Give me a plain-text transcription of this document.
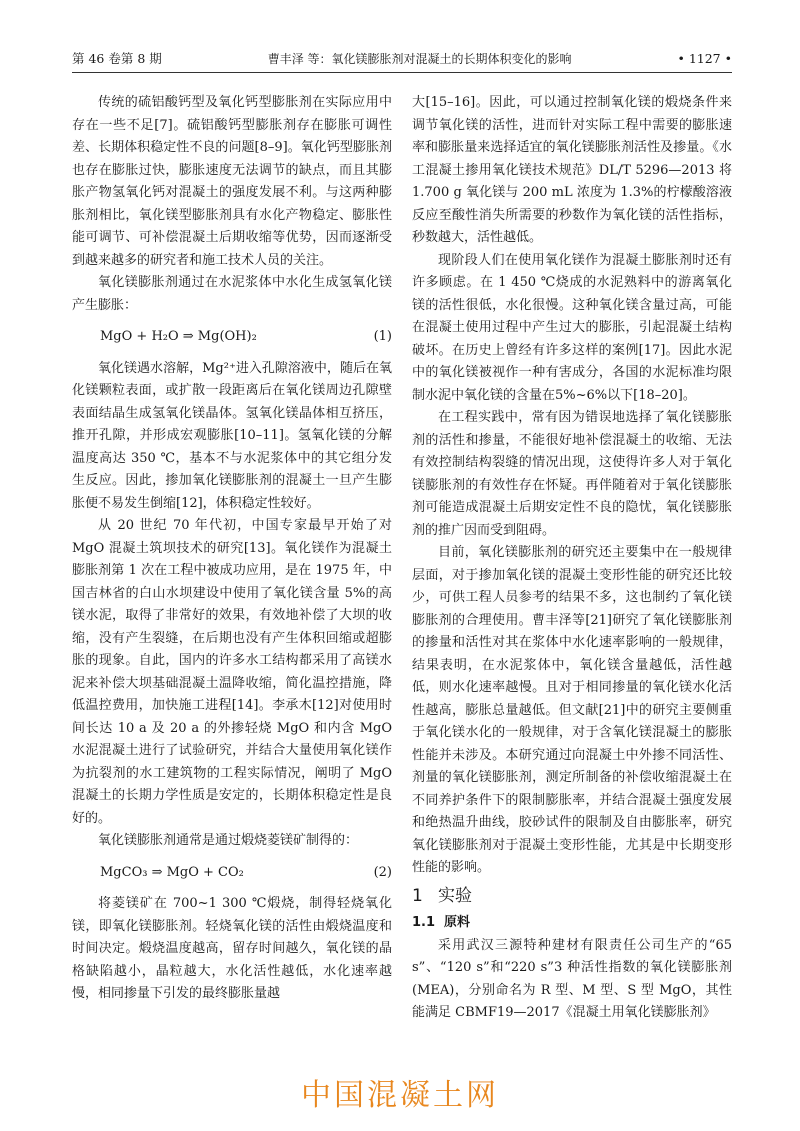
第 46 卷第 8 期	曹丰泽 等：氧化镁膨胀剂对混凝土的长期体积变化的影响	• 1127 •

传统的硫铝酸钙型及氧化钙型膨胀剂在实际应用中存在一些不足[7]。硫铝酸钙型膨胀剂存在膨胀可调性差、长期体积稳定性不良的问题[8–9]。氧化钙型膨胀剂也存在膨胀过快，膨胀速度无法调节的缺点，而且其膨胀产物氢氧化钙对混凝土的强度发展不利。与这两种膨胀剂相比，氧化镁型膨胀剂具有水化产物稳定、膨胀性能可调节、可补偿混凝土后期收缩等优势，因而逐渐受到越来越多的研究者和施工技术人员的关注。

氧化镁膨胀剂通过在水泥浆体中水化生成氢氧化镁产生膨胀：

MgO + H₂O ⇒ Mg(OH)₂	(1)

氧化镁遇水溶解，Mg²⁺进入孔隙溶液中，随后在氧化镁颗粒表面，或扩散一段距离后在氧化镁周边孔隙壁表面结晶生成氢氧化镁晶体。氢氧化镁晶体相互挤压，推开孔隙，并形成宏观膨胀[10–11]。氢氧化镁的分解温度高达 350 ℃，基本不与水泥浆体中的其它组分发生反应。因此，掺加氧化镁膨胀剂的混凝土一旦产生膨胀便不易发生倒缩[12]，体积稳定性较好。

从 20 世纪 70 年代初，中国专家最早开始了对 MgO 混凝土筑坝技术的研究[13]。氧化镁作为混凝土膨胀剂第 1 次在工程中被成功应用，是在 1975 年，中国吉林省的白山水坝建设中使用了氧化镁含量 5%的高镁水泥，取得了非常好的效果，有效地补偿了大坝的收缩，没有产生裂缝，在后期也没有产生体积回缩或超膨胀的现象。自此，国内的许多水工结构都采用了高镁水泥来补偿大坝基础混凝土温降收缩，简化温控措施，降低温控费用，加快施工进程[14]。李承木[12]对使用时间长达 10 a 及 20 a 的外掺轻烧 MgO 和内含 MgO 水泥混凝土进行了试验研究，并结合大量使用氧化镁作为抗裂剂的水工建筑物的工程实际情况，阐明了 MgO 混凝土的长期力学性质是安定的，长期体积稳定性是良好的。

氧化镁膨胀剂通常是通过煅烧菱镁矿制得的：

MgCO₃ ⇒ MgO + CO₂	(2)

将菱镁矿在 700~1 300 ℃煅烧，制得轻烧氧化镁，即氧化镁膨胀剂。轻烧氧化镁的活性由煅烧温度和时间决定。煅烧温度越高，留存时间越久，氧化镁的晶格缺陷越小，晶粒越大，水化活性越低，水化速率越慢，相同掺量下引发的最终膨胀量越

大[15–16]。因此，可以通过控制氧化镁的煅烧条件来调节氧化镁的活性，进而针对实际工程中需要的膨胀速率和膨胀量来选择适宜的氧化镁膨胀剂活性及掺量。《水工混凝土掺用氧化镁技术规范》DL/T 5296—2013 将 1.700 g 氧化镁与 200 mL 浓度为 1.3%的柠檬酸溶液反应至酸性消失所需要的秒数作为氧化镁的活性指标，秒数越大，活性越低。

现阶段人们在使用氧化镁作为混凝土膨胀剂时还有许多顾虑。在 1 450 ℃烧成的水泥熟料中的游离氧化镁的活性很低，水化很慢。这种氧化镁含量过高，可能在混凝土使用过程中产生过大的膨胀，引起混凝土结构破坏。在历史上曾经有许多这样的案例[17]。因此水泥中的氧化镁被视作一种有害成分，各国的水泥标准均限制水泥中氧化镁的含量在5%~6%以下[18–20]。

在工程实践中，常有因为错误地选择了氧化镁膨胀剂的活性和掺量，不能很好地补偿混凝土的收缩、无法有效控制结构裂缝的情况出现，这使得许多人对于氧化镁膨胀剂的有效性存在怀疑。再伴随着对于氧化镁膨胀剂可能造成混凝土后期安定性不良的隐忧，氧化镁膨胀剂的推广因而受到阻碍。

目前，氧化镁膨胀剂的研究还主要集中在一般规律层面，对于掺加氧化镁的混凝土变形性能的研究还比较少，可供工程人员参考的结果不多，这也制约了氧化镁膨胀剂的合理使用。曹丰泽等[21]研究了氧化镁膨胀剂的掺量和活性对其在浆体中水化速率影响的一般规律，结果表明，在水泥浆体中，氧化镁含量越低，活性越低，则水化速率越慢。且对于相同掺量的氧化镁水化活性越高，膨胀总量越低。但文献[21]中的研究主要侧重于氧化镁水化的一般规律，对于含氧化镁混凝土的膨胀性能并未涉及。本研究通过向混凝土中外掺不同活性、剂量的氧化镁膨胀剂，测定所制备的补偿收缩混凝土在不同养护条件下的限制膨胀率，并结合混凝土强度发展和绝热温升曲线，胶砂试件的限制及自由膨胀率，研究氧化镁膨胀剂对于混凝土变形性能，尤其是中长期变形性能的影响。

1 实验
1.1 原料

采用武汉三源特种建材有限责任公司生产的“65 s”、“120 s”和“220 s”3 种活性指数的氧化镁膨胀剂(MEA)，分别命名为 R 型、M 型、S 型 MgO，其性能满足 CBMF19—2017《混凝土用氧化镁膨胀剂》

中国混凝土网
